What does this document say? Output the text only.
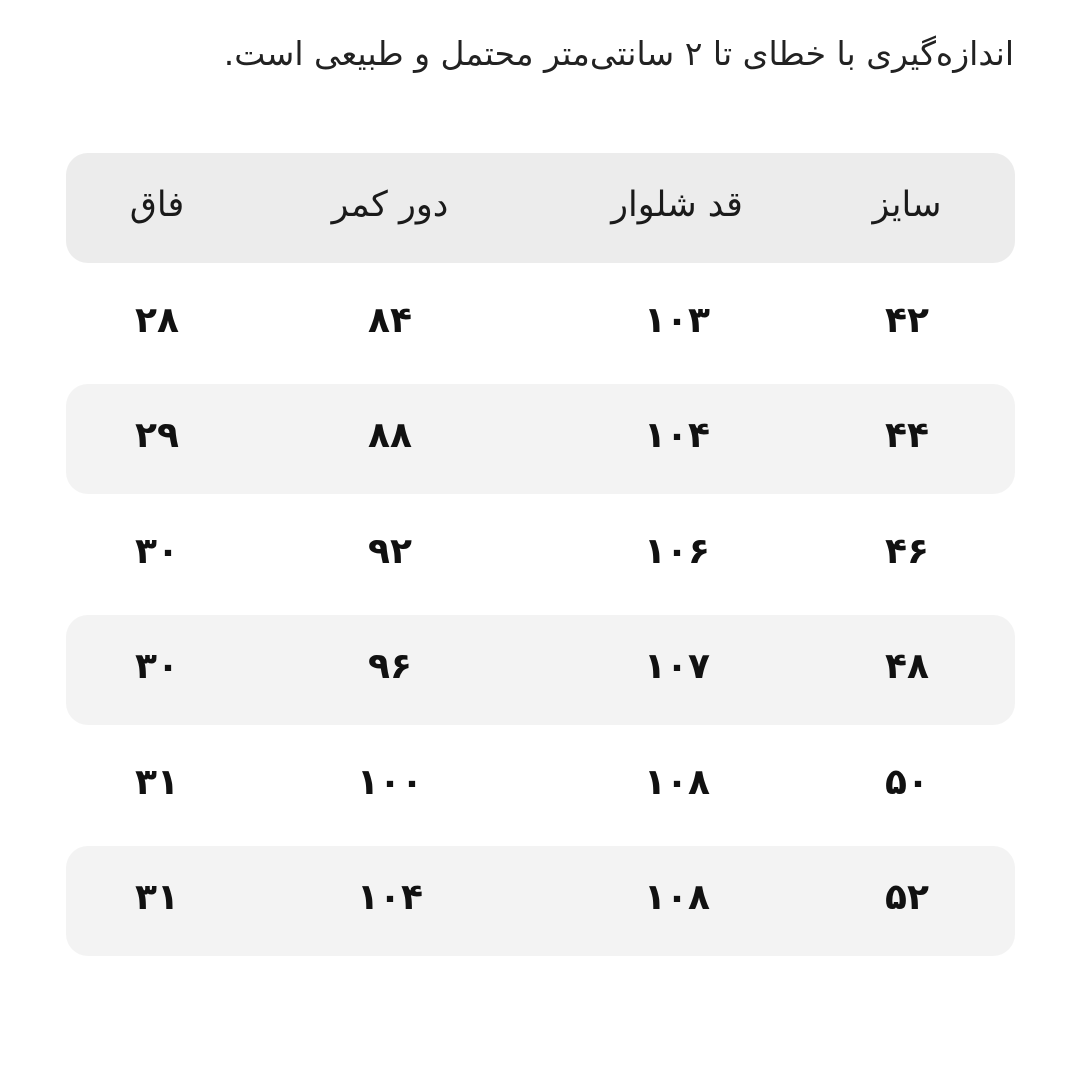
اندازه‌گیری با خطای تا ۲ سانتی‌متر محتمل و طبیعی است.
سایز
قد شلوار
دور کمر
فاق
۴۲
۱۰۳
۸۴
۲۸
۴۴
۱۰۴
۸۸
۲۹
۴۶
۱۰۶
۹۲
۳۰
۴۸
۱۰۷
۹۶
۳۰
۵۰
۱۰۸
۱۰۰
۳۱
۵۲
۱۰۸
۱۰۴
۳۱
